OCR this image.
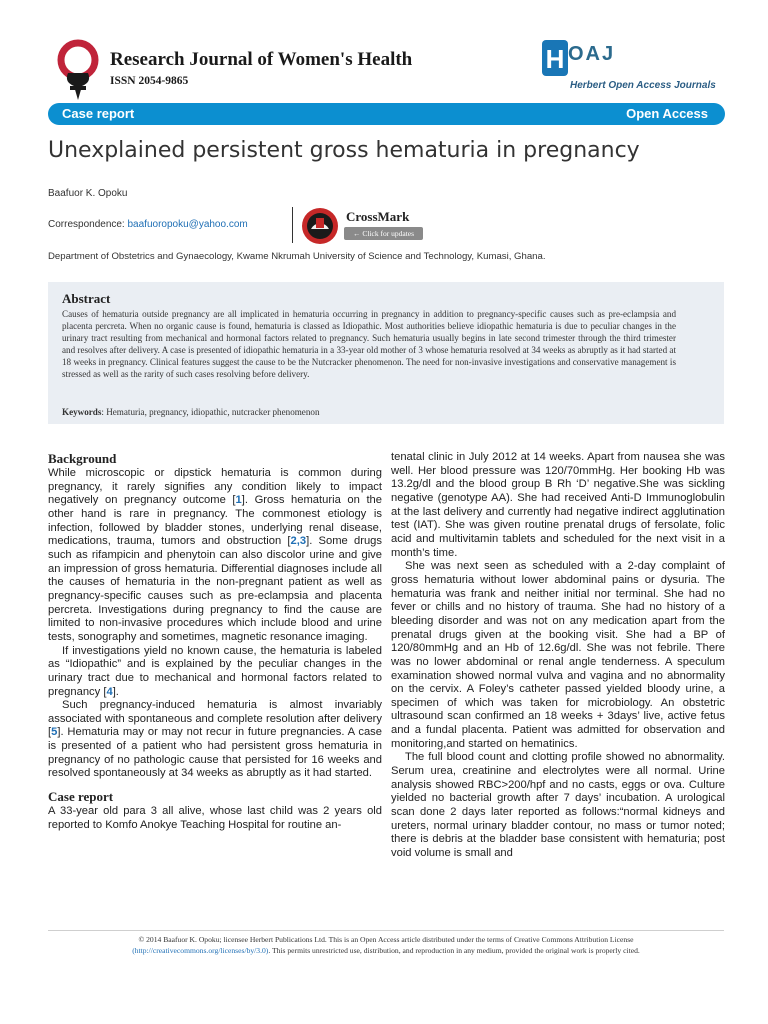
Research Journal of Women's Health
ISSN 2054-9865
H OAJ
Herbert Open Access Journals
Case report	Open Access
Unexplained persistent gross hematuria in pregnancy
Baafuor K. Opoku
Correspondence: baafuoropoku@yahoo.com
CrossMark
← Click for updates
Department of Obstetrics and Gynaecology, Kwame Nkrumah University of Science and Technology, Kumasi, Ghana.
Abstract
Causes of hematuria outside pregnancy are all implicated in hematuria occurring in pregnancy in addition to pregnancy-specific causes such as pre-eclampsia and placenta percreta. When no organic cause is found, hematuria is classed as Idiopathic. Most authorities believe idiopathic hematuria is due to peculiar changes in the urinary tract resulting from mechanical and hormonal factors related to pregnancy. Such hematuria usually begins in late second trimester through the third trimester and resolves after delivery. A case is presented of idiopathic hematuria in a 33-year old mother of 3 whose hematuria resolved at 34 weeks as abruptly as it had started at 18 weeks in pregnancy. Clinical features suggest the cause to be the Nutcracker phenomenon. The need for non-invasive investigations and conservative management is stressed as well as the rarity of such cases resolving before delivery.
Keywords: Hematuria, pregnancy, idiopathic, nutcracker phenomenon
Background

While microscopic or dipstick hematuria is common during pregnancy, it rarely signifies any condition likely to impact negatively on pregnancy outcome [1]. Gross hematuria on the other hand is rare in pregnancy. The commonest etiology is infection, followed by bladder stones, underlying renal disease, medications, trauma, tumors and obstruction [2,3]. Some drugs such as rifampicin and phenytoin can also discolor urine and give an impression of gross hematuria. Differential diagnoses include all the causes of hematuria in the non-pregnant patient as well as pregnancy-specific causes such as pre-eclampsia and placenta percreta. Investigations during pregnancy to find the cause are limited to non-invasive procedures which include blood and urine tests, sonography and sometimes, magnetic resonance imaging.

If investigations yield no known cause, the hematuria is labeled as “Idiopathic” and is explained by the peculiar changes in the urinary tract due to mechanical and hormonal factors related to pregnancy [4].

Such pregnancy-induced hematuria is almost invariably associated with spontaneous and complete resolution after delivery [5]. Hematuria may or may not recur in future pregnancies. A case is presented of a patient who had persistent gross hematuria in pregnancy of no pathologic cause that persisted for 16 weeks and resolved spontaneously at 34 weeks as abruptly as it had started.

Case report

A 33-year old para 3 all alive, whose last child was 2 years old reported to Komfo Anokye Teaching Hospital for routine an-

tenatal clinic in July 2012 at 14 weeks. Apart from nausea she was well. Her blood pressure was 120/70mmHg. Her booking Hb was 13.2g/dl and the blood group B Rh ‘D’ negative.She was sickling negative (genotype AA). She had received Anti-D Immunoglobulin at the last delivery and currently had negative indirect agglutination test (IAT). She was given routine prenatal drugs of fersolate, folic acid and multivitamin tablets and scheduled for the next visit in a month’s time.

She was next seen as scheduled with a 2-day complaint of gross hematuria without lower abdominal pains or dysuria. The hematuria was frank and neither initial nor terminal. She had no fever or chills and no history of trauma. She had no history of a bleeding disorder and was not on any medication apart from the prenatal drugs given at the booking visit. She had a BP of 120/80mmHg and an Hb of 12.6g/dl. She was not febrile. There was no lower abdominal or renal angle tenderness. A speculum examination showed normal vulva and vagina and no abnormality on the cervix. A Foley’s catheter passed yielded bloody urine, a specimen of which was taken for microbiology. An obstetric ultrasound scan confirmed an 18 weeks + 3days’ live, active fetus and a fundal placenta. Patient was admitted for observation and monitoring,and started on hematinics.

The full blood count and clotting profile showed no abnormality. Serum urea, creatinine and electrolytes were all normal. Urine analysis showed RBC>200/hpf and no casts, eggs or ova. Culture yielded no bacterial growth after 7 days’ incubation. A urological scan done 2 days later reported as follows:“normal kidneys and ureters, normal urinary bladder contour, no mass or tumor noted; there is debris at the bladder base consistent with hematuria; post void volume is small and

© 2014 Baafuor K. Opoku; licensee Herbert Publications Ltd. This is an Open Access article distributed under the terms of Creative Commons Attribution License
(http://creativecommons.org/licenses/by/3.0). This permits unrestricted use, distribution, and reproduction in any medium, provided the original work is properly cited.
